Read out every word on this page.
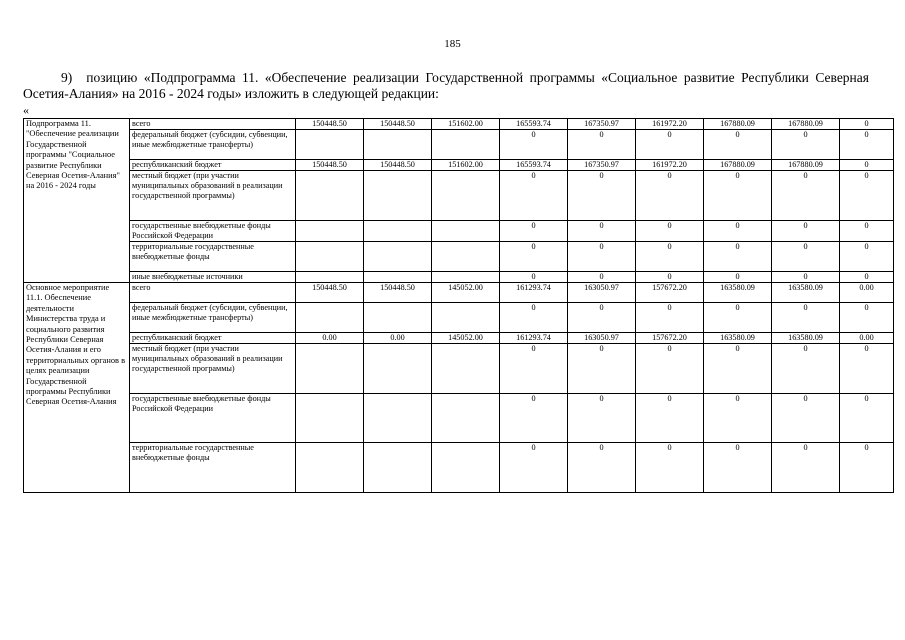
185

9) позицию «Подпрограмма 11. «Обеспечение реализации Государственной программы «Социальное развитие Республики Северная Осетия-Алания» на 2016 - 2024 годы» изложить в следующей редакции:

«
Подпрограмма 11. "Обеспечение реализации Государственной программы "Социальное развитие Республики Северная Осетия-Алания" на 2016 - 2024 годы	всего	150448.50	150448.50	151602.00	165593.74	167350.97	161972.20	167880.09	167880.09	0
	федеральный бюджет (субсидии, субвенции, иные межбюджетные трансферты)				0	0	0	0	0	0
	республиканский бюджет	150448.50	150448.50	151602.00	165593.74	167350.97	161972.20	167880.09	167880.09	0
	местный бюджет (при участии муниципальных образований в реализации государственной программы)				0	0	0	0	0	0
	государственные внебюджетные фонды Российской Федерации				0	0	0	0	0	0
	территориальные государственные внебюджетные фонды				0	0	0	0	0	0
	иные внебюджетные источники				0	0	0	0	0	0
Основное мероприятие 11.1. Обеспечение деятельности Министерства труда и социального развития Республики Северная Осетия-Алания и его территориальных органов в целях реализации Государственной программы Республики Северная Осетия-Алания	всего	150448.50	150448.50	145052.00	161293.74	163050.97	157672.20	163580.09	163580.09	0.00
	федеральный бюджет (субсидии, субвенции, иные межбюджетные трансферты)				0	0	0	0	0	0
	республиканский бюджет	0.00	0.00	145052.00	161293.74	163050.97	157672.20	163580.09	163580.09	0.00
	местный бюджет (при участии муниципальных образований в реализации государственной программы)				0	0	0	0	0	0
	государственные внебюджетные фонды Российской Федерации				0	0	0	0	0	0
	территориальные государственные внебюджетные фонды				0	0	0	0	0	0
